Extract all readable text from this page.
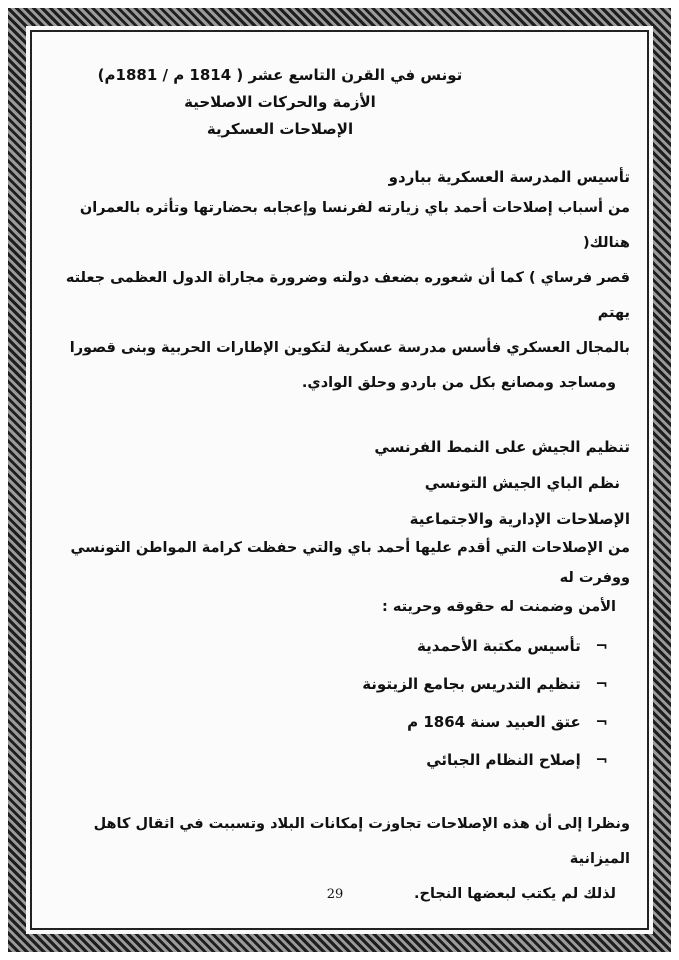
تونس في القرن التاسع عشر ( 1814 م / 1881م)
الأزمة والحركات الاصلاحية
الإصلاحات العسكرية
تأسيس المدرسة العسكرية بباردو
من أسباب إصلاحات أحمد باي زيارته لفرنسا وإعجابه بحضارتها وتأثره بالعمران هنالك(
قصر فرساي ) كما أن شعوره بضعف دولته وضرورة مجاراة الدول العظمى جعلته يهتم
بالمجال العسكري فأسس مدرسة عسكرية لتكوين الإطارات الحربية وبنى قصورا
ومساجد ومصانع بكل من باردو وحلق الوادي.
تنظيم الجيش على النمط الفرنسي
نظم الباي الجيش التونسي
الإصلاحات الإدارية والاجتماعية
من الإصلاحات التي أقدم عليها أحمد باي والتي حفظت كرامة المواطن التونسي ووفرت له
الأمن وضمنت له حقوقه وحريته :
¬ تأسيس مكتبة الأحمدية
¬ تنظيم التدريس بجامع الزيتونة
¬ عتق العبيد سنة 1864 م
¬ إصلاح النظام الجبائي
ونظرا إلى أن هذه الإصلاحات تجاوزت إمكانات البلاد وتسببت في اثقال كاهل الميزانية
لذلك لم يكتب لبعضها النجاح.
29
